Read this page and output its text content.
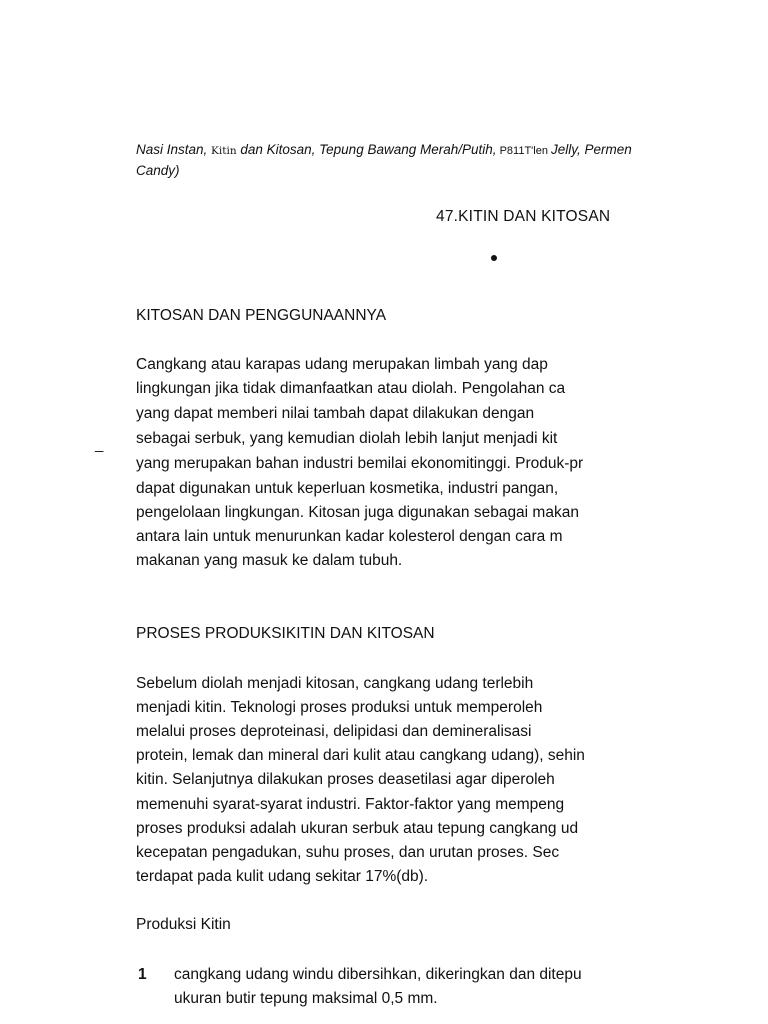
Nasi Instan, Kitin dan Kitosan, Tepung Bawang Merah/Putih, P811T'len Jelly, Permen
Candy)
47.KITIN DAN KITOSAN
KITOSAN DAN PENGGUNAANNYA
Cangkang atau karapas udang merupakan limbah yang dap
lingkungan jika tidak dimanfaatkan atau diolah. Pengolahan ca
yang dapat memberi nilai tambah dapat dilakukan dengan
sebagai serbuk, yang kemudian diolah lebih lanjut menjadi kit
yang merupakan bahan industri bemilai ekonomitinggi. Produk-pr
dapat digunakan untuk keperluan kosmetika, industri pangan,
pengelolaan lingkungan. Kitosan juga digunakan sebagai makan
antara lain untuk menurunkan kadar kolesterol dengan cara m
makanan yang masuk ke dalam tubuh.
_
PROSES PRODUKSIKITIN DAN KITOSAN
Sebelum diolah menjadi kitosan, cangkang udang terlebih
menjadi kitin. Teknologi proses produksi untuk memperoleh
melalui proses deproteinasi, delipidasi dan demineralisasi
protein, lemak dan mineral dari kulit atau cangkang udang), sehin
kitin. Selanjutnya dilakukan proses deasetilasi agar diperoleh
memenuhi syarat-syarat industri. Faktor-faktor yang mempeng
proses produksi adalah ukuran serbuk atau tepung cangkang ud
kecepatan pengadukan, suhu proses, dan urutan proses. Sec
terdapat pada kulit udang sekitar 17%(db).
Produksi Kitin
1 cangkang udang windu dibersihkan, dikeringkan dan ditepu
ukuran butir tepung maksimal 0,5 mm.
